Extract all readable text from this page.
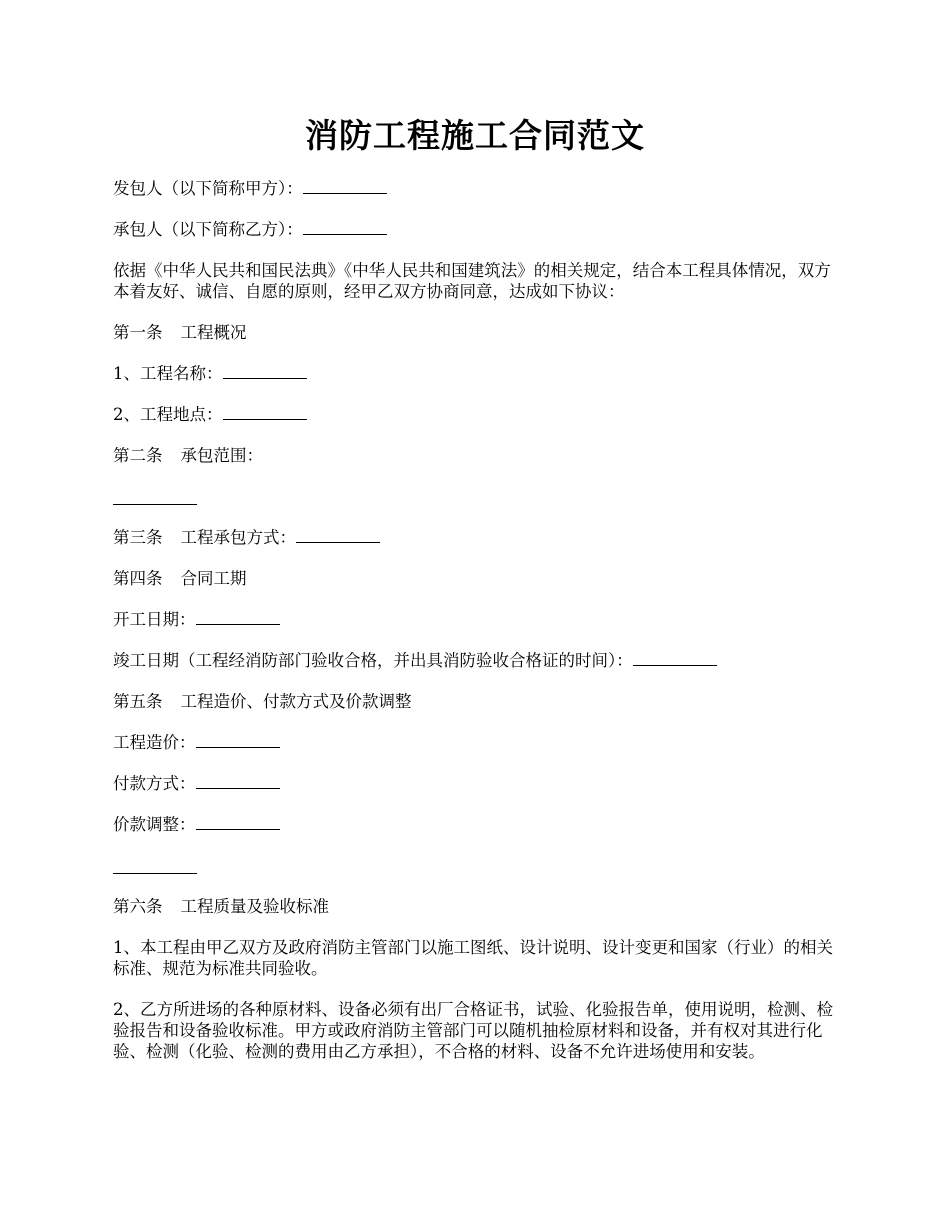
消防工程施工合同范文

发包人（以下简称甲方）：

承包人（以下简称乙方）：

依据《中华人民共和国民法典》《中华人民共和国建筑法》的相关规定，结合本工程具体情况，双方本着友好、诚信、自愿的原则，经甲乙双方协商同意，达成如下协议：

第一条 工程概况

1、工程名称：

2、工程地点：

第二条 承包范围：

第三条 工程承包方式：

第四条 合同工期

开工日期：

竣工日期（工程经消防部门验收合格，并出具消防验收合格证的时间）：

第五条 工程造价、付款方式及价款调整

工程造价：

付款方式：

价款调整：

第六条 工程质量及验收标准

1、本工程由甲乙双方及政府消防主管部门以施工图纸、设计说明、设计变更和国家（行业）的相关标准、规范为标准共同验收。

2、乙方所进场的各种原材料、设备必须有出厂合格证书，试验、化验报告单，使用说明，检测、检验报告和设备验收标准。甲方或政府消防主管部门可以随机抽检原材料和设备，并有权对其进行化验、检测（化验、检测的费用由乙方承担），不合格的材料、设备不允许进场使用和安装。
